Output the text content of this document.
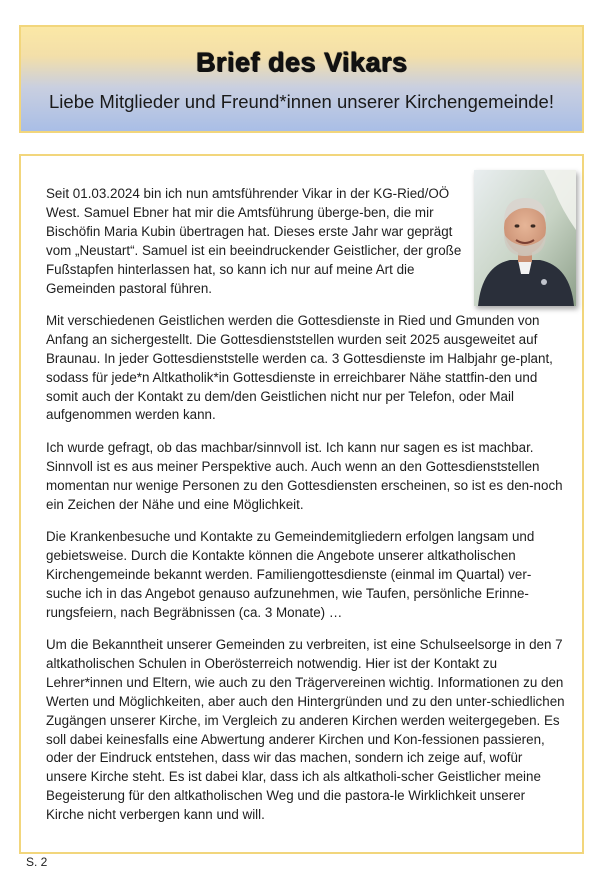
Brief des Vikars
Liebe Mitglieder und Freund*innen unserer Kirchengemeinde!

Seit 01.03.2024 bin ich nun amtsführender Vikar in der KG-Ried/OÖ West. Samuel Ebner hat mir die Amtsführung überge-ben, die mir Bischöfin Maria Kubin übertragen hat. Dieses erste Jahr war geprägt vom „Neustart“. Samuel ist ein beeindruckender Geistlicher, der große Fußstapfen hinterlassen hat, so kann ich nur auf meine Art die Gemeinden pastoral führen.

Mit verschiedenen Geistlichen werden die Gottesdienste in Ried und Gmunden von Anfang an sichergestellt. Die Gottesdienststellen wurden seit 2025 ausgeweitet auf Braunau. In jeder Gottesdienststelle werden ca. 3 Gottesdienste im Halbjahr ge-plant, sodass für jede*n Altkatholik*in Gottesdienste in erreichbarer Nähe stattfin-den und somit auch der Kontakt zu dem/den Geistlichen nicht nur per Telefon, oder Mail aufgenommen werden kann.

Ich wurde gefragt, ob das machbar/sinnvoll ist. Ich kann nur sagen es ist machbar. Sinnvoll ist es aus meiner Perspektive auch. Auch wenn an den Gottesdienststellen momentan nur wenige Personen zu den Gottesdiensten erscheinen, so ist es den-noch ein Zeichen der Nähe und eine Möglichkeit.

Die Krankenbesuche und Kontakte zu Gemeindemitgliedern erfolgen langsam und gebietsweise. Durch die Kontakte können die Angebote unserer altkatholischen Kirchengemeinde bekannt werden. Familiengottesdienste (einmal im Quartal) ver-suche ich in das Angebot genauso aufzunehmen, wie Taufen, persönliche Erinne-rungsfeiern, nach Begräbnissen (ca. 3 Monate) …

Um die Bekanntheit unserer Gemeinden zu verbreiten, ist eine Schulseelsorge in den 7 altkatholischen Schulen in Oberösterreich notwendig. Hier ist der Kontakt zu Lehrer*innen und Eltern, wie auch zu den Trägervereinen wichtig. Informationen zu den Werten und Möglichkeiten, aber auch den Hintergründen und zu den unter-schiedlichen Zugängen unserer Kirche, im Vergleich zu anderen Kirchen werden weitergegeben. Es soll dabei keinesfalls eine Abwertung anderer Kirchen und Kon-fessionen passieren, oder der Eindruck entstehen, dass wir das machen, sondern ich zeige auf, wofür unsere Kirche steht. Es ist dabei klar, dass ich als altkatholi-scher Geistlicher meine Begeisterung für den altkatholischen Weg und die pastora-le Wirklichkeit unserer Kirche nicht verbergen kann und will.

S. 2
